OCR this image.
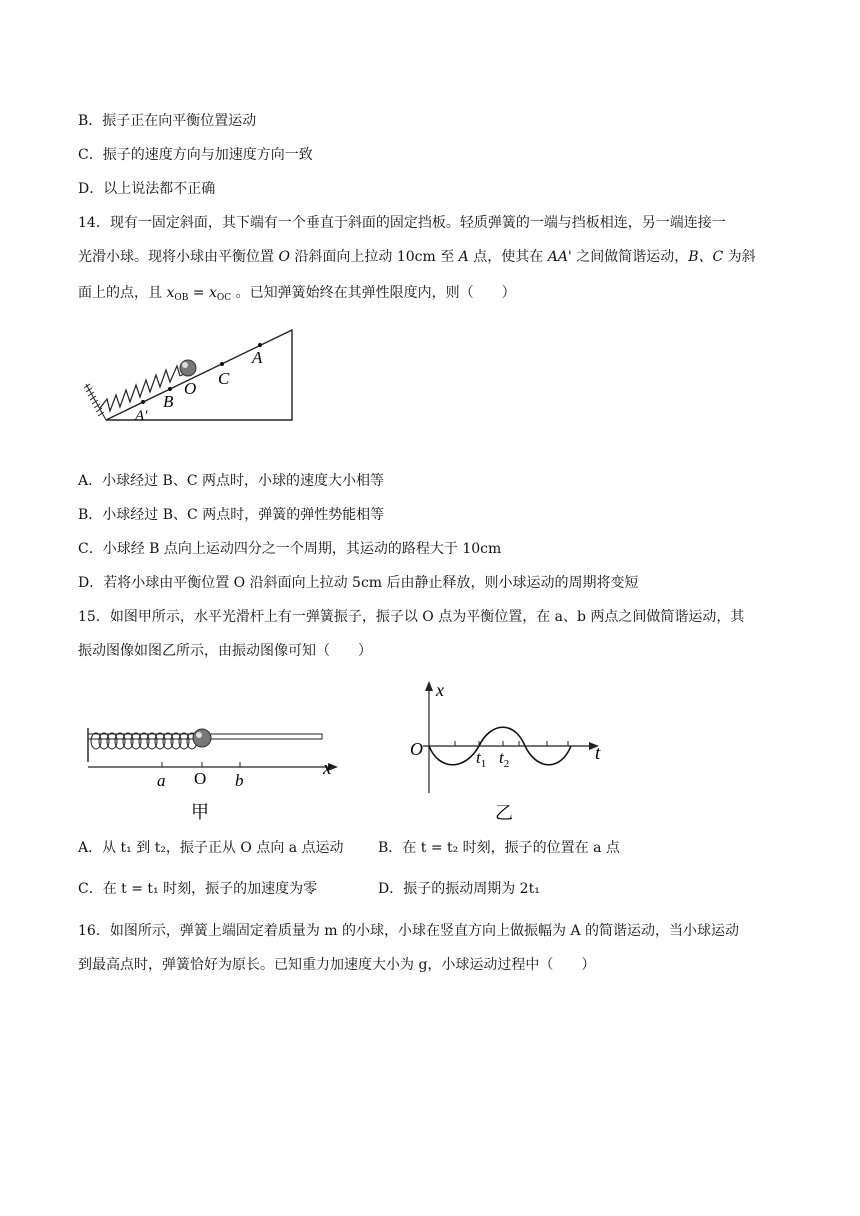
B．振子正在向平衡位置运动
C．振子的速度方向与加速度方向一致
D．以上说法都不正确
14．现有一固定斜面，其下端有一个垂直于斜面的固定挡板。轻质弹簧的一端与挡板相连，另一端连接一
光滑小球。现将小球由平衡位置 O 沿斜面向上拉动 10cm 至 A 点，使其在 AA' 之间做简谐运动，B、C 为斜
面上的点，且 $x_{OB} = x_{OC}$ 。已知弹簧始终在其弹性限度内，则（　　）
A
C
O
B
A′
A．小球经过 B、C 两点时，小球的速度大小相等
B．小球经过 B、C 两点时，弹簧的弹性势能相等
C．小球经 B 点向上运动四分之一个周期，其运动的路程大于 10cm
D．若将小球由平衡位置 O 沿斜面向上拉动 5cm 后由静止释放，则小球运动的周期将变短
15．如图甲所示，水平光滑杆上有一弹簧振子，振子以 O 点为平衡位置，在 a、b 两点之间做简谐运动，其
振动图像如图乙所示，由振动图像可知（　　）
a O b
x
甲
x
O	$t_1$ $t_2$	t
乙
A．从 t₁ 到 t₂，振子正从 O 点向 a 点运动 B．在 t = t₂ 时刻，振子的位置在 a 点
C．在 t = t₁ 时刻，振子的加速度为零	D．振子的振动周期为 2t₁
16．如图所示，弹簧上端固定着质量为 m 的小球，小球在竖直方向上做振幅为 A 的简谐运动，当小球运动
到最高点时，弹簧恰好为原长。已知重力加速度大小为 g，小球运动过程中（　　）
